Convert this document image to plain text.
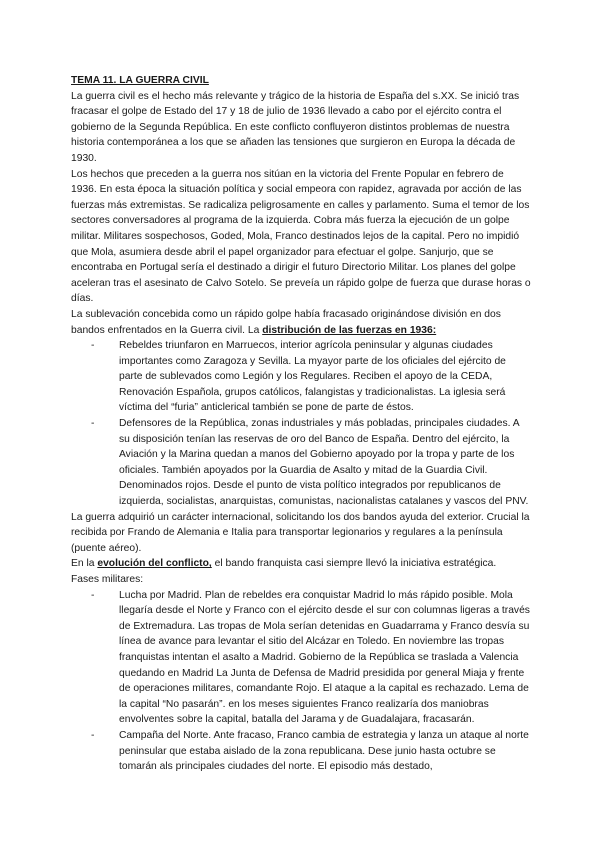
TEMA 11. LA GUERRA CIVIL

La guerra civil es el hecho más relevante y trágico de la historia de España del s.XX. Se inició tras fracasar el golpe de Estado del 17 y 18 de julio de 1936 llevado a cabo por el ejército contra el gobierno de la Segunda República. En este conflicto confluyeron distintos problemas de nuestra historia contemporánea a los que se añaden las tensiones que surgieron en Europa la década de 1930.

Los hechos que preceden a la guerra nos sitúan en la victoria del Frente Popular en febrero de 1936. En esta época la situación política y social empeora con rapidez, agravada por acción de las fuerzas más extremistas. Se radicaliza peligrosamente en calles y parlamento. Suma el temor de los sectores conversadores al programa de la izquierda. Cobra más fuerza la ejecución de un golpe militar. Militares sospechosos, Goded, Mola, Franco destinados lejos de la capital. Pero no impidió que Mola, asumiera desde abril el papel organizador para efectuar el golpe. Sanjurjo, que se encontraba en Portugal sería el destinado a dirigir el futuro Directorio Militar. Los planes del golpe aceleran tras el asesinato de Calvo Sotelo. Se preveía un rápido golpe de fuerza que durase horas o días.

La sublevación concebida como un rápido golpe había fracasado originándose división en dos bandos enfrentados en la Guerra civil. La distribución de las fuerzas en 1936:

- Rebeldes triunfaron en Marruecos, interior agrícola peninsular y algunas ciudades importantes como Zaragoza y Sevilla. La myayor parte de los oficiales del ejército de parte de sublevados como Legión y los Regulares. Reciben el apoyo de la CEDA, Renovación Española, grupos católicos, falangistas y tradicionalistas. La iglesia será víctima del “furia” anticlerical también se pone de parte de éstos.
- Defensores de la República, zonas industriales y más pobladas, principales ciudades. A su disposición tenían las reservas de oro del Banco de España. Dentro del ejército, la Aviación y la Marina quedan a manos del Gobierno apoyado por la tropa y parte de los oficiales. También apoyados por la Guardia de Asalto y mitad de la Guardia Civil. Denominados rojos. Desde el punto de vista político integrados por republicanos de izquierda, socialistas, anarquistas, comunistas, nacionalistas catalanes y vascos del PNV.

La guerra adquirió un carácter internacional, solicitando los dos bandos ayuda del exterior. Crucial la recibida por Frando de Alemania e Italia para transportar legionarios y regulares a la península (puente aéreo).

En la evolución del conflicto, el bando franquista casi siempre llevó la iniciativa estratégica.

Fases militares:

- Lucha por Madrid. Plan de rebeldes era conquistar Madrid lo más rápido posible. Mola llegaría desde el Norte y Franco con el ejército desde el sur con columnas ligeras a través de Extremadura. Las tropas de Mola serían detenidas en Guadarrama y Franco desvía su línea de avance para levantar el sitio del Alcázar en Toledo. En noviembre las tropas franquistas intentan el asalto a Madrid. Gobierno de la República se traslada a Valencia quedando en Madrid La Junta de Defensa de Madrid presidida por general Miaja y frente de operaciones militares, comandante Rojo. El ataque a la capital es rechazado. Lema de la capital “No pasarán”. en los meses siguientes Franco realizaría dos maniobras envolventes sobre la capital, batalla del Jarama y de Guadalajara, fracasarán.
- Campaña del Norte. Ante fracaso, Franco cambia de estrategia y lanza un ataque al norte peninsular que estaba aislado de la zona republicana. Dese junio hasta octubre se tomarán als principales ciudades del norte. El episodio más destado,
